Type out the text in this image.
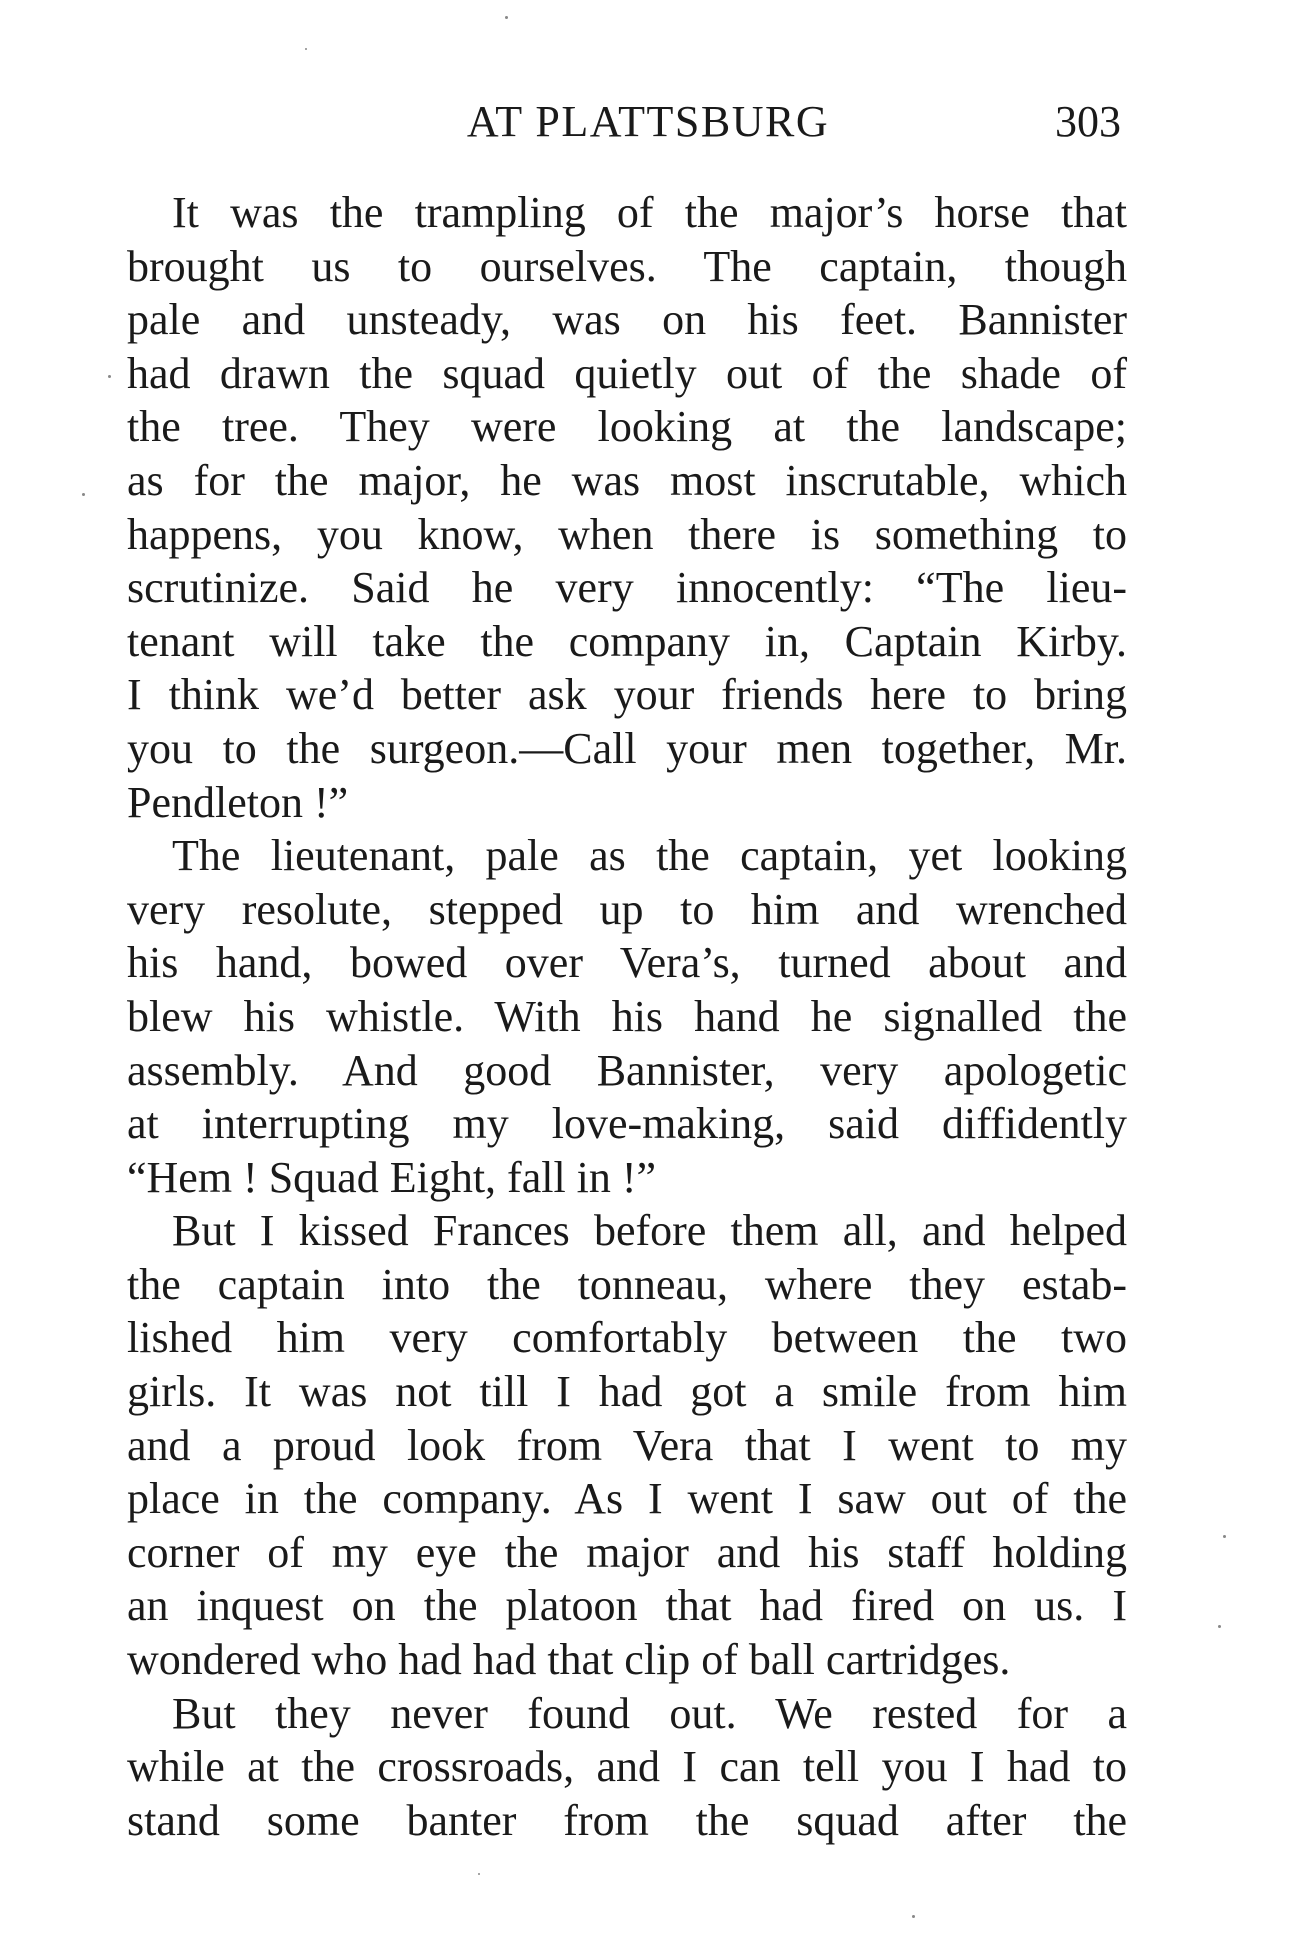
AT PLATTSBURG	303
It was the trampling of the major’s horse that
brought us to ourselves. The captain, though
pale and unsteady, was on his feet. Bannister
had drawn the squad quietly out of the shade of
the tree. They were looking at the landscape;
as for the major, he was most inscrutable, which
happens, you know, when there is something to
scrutinize. Said he very innocently: “The lieu-
tenant will take the company in, Captain Kirby.
I think we’d better ask your friends here to bring
you to the surgeon.—Call your men together, Mr.
Pendleton !”
The lieutenant, pale as the captain, yet looking
very resolute, stepped up to him and wrenched
his hand, bowed over Vera’s, turned about and
blew his whistle. With his hand he signalled the
assembly. And good Bannister, very apologetic
at interrupting my love-making, said diffidently
“Hem ! Squad Eight, fall in !”
But I kissed Frances before them all, and helped
the captain into the tonneau, where they estab-
lished him very comfortably between the two
girls. It was not till I had got a smile from him
and a proud look from Vera that I went to my
place in the company. As I went I saw out of the
corner of my eye the major and his staff holding
an inquest on the platoon that had fired on us. I
wondered who had had that clip of ball cartridges.
But they never found out. We rested for a
while at the crossroads, and I can tell you I had to
stand some banter from the squad after the
